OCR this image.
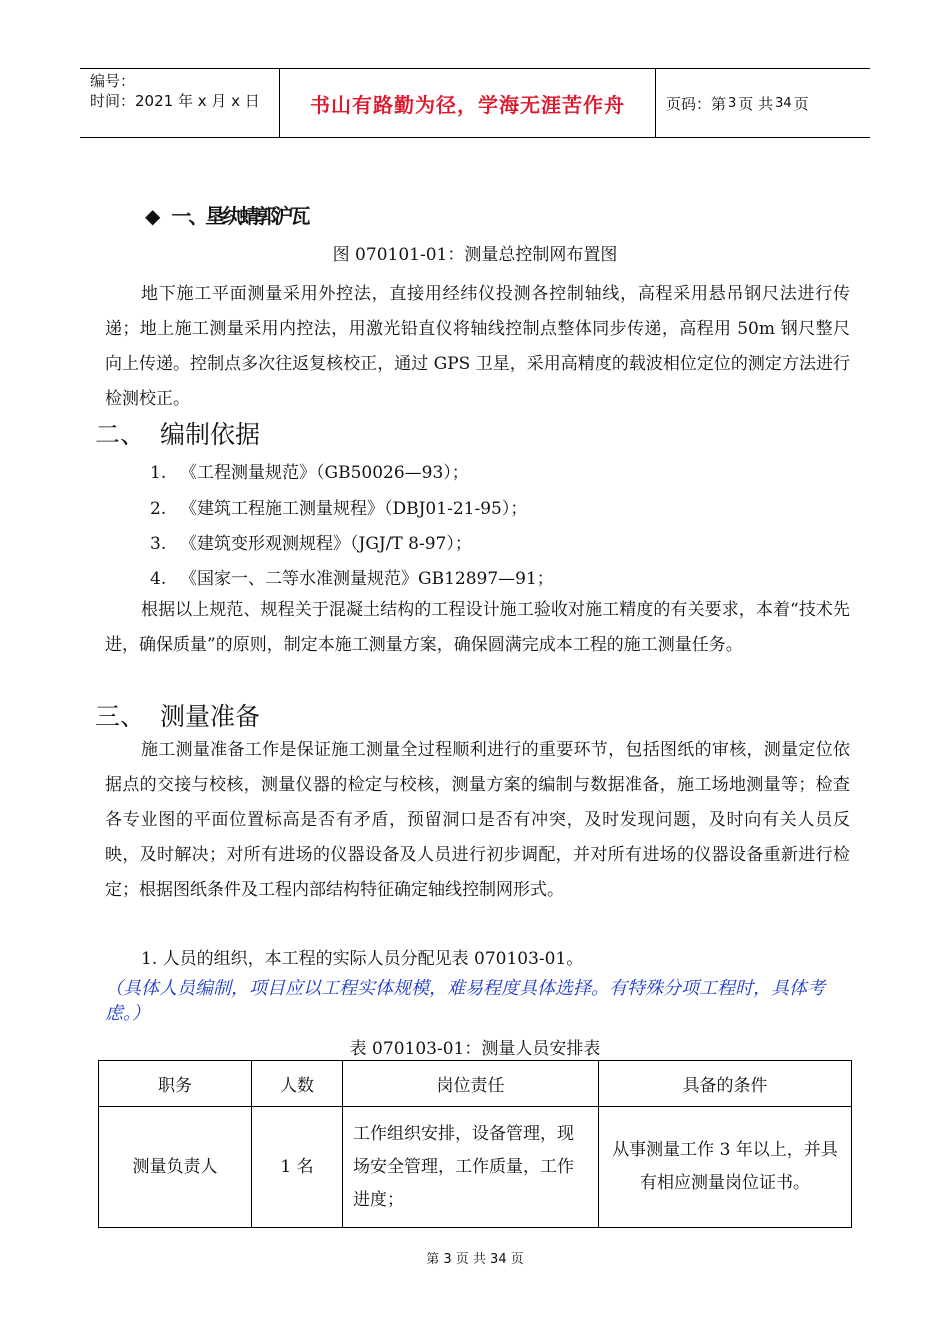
编号：
时间：2021 年 x 月 x 日	书山有路勤为径，学海无涯苦作舟	页码：第 3 页 共 34 页
◆ 一、垦纨蜻郭沪瓦
图 070101-01：测量总控制网布置图

地下施工平面测量采用外控法，直接用经纬仪投测各控制轴线，高程采用悬吊钢尺法进行传递；地上施工测量采用内控法，用激光铅直仪将轴线控制点整体同步传递，高程用 50m 钢尺整尺向上传递。控制点多次往返复核校正，通过 GPS 卫星，采用高精度的载波相位定位的测定方法进行检测校正。

二、 编制依据
1. 《工程测量规范》（GB50026—93）；
2. 《建筑工程施工测量规程》（DBJ01-21-95）；
3. 《建筑变形观测规程》（JGJ/T 8-97）；
4. 《国家一、二等水准测量规范》GB12897—91；

根据以上规范、规程关于混凝土结构的工程设计施工验收对施工精度的有关要求，本着“技术先进，确保质量”的原则，制定本施工测量方案，确保圆满完成本工程的施工测量任务。

三、 测量准备

施工测量准备工作是保证施工测量全过程顺利进行的重要环节，包括图纸的审核，测量定位依据点的交接与校核，测量仪器的检定与校核，测量方案的编制与数据准备，施工场地测量等；检查各专业图的平面位置标高是否有矛盾，预留洞口是否有冲突，及时发现问题，及时向有关人员反映，及时解决；对所有进场的仪器设备及人员进行初步调配，并对所有进场的仪器设备重新进行检定；根据图纸条件及工程内部结构特征确定轴线控制网形式。

1. 人员的组织，本工程的实际人员分配见表 070103-01。

（具体人员编制，项目应以工程实体规模，难易程度具体选择。有特殊分项工程时，具体考虑。）

表 070103-01：测量人员安排表
职务	人数	岗位责任	具备的条件
测量负责人	1 名	工作组织安排，设备管理，现场安全管理，工作质量，工作进度；	从事测量工作 3 年以上，并具有相应测量岗位证书。
第 3 页 共 34 页
